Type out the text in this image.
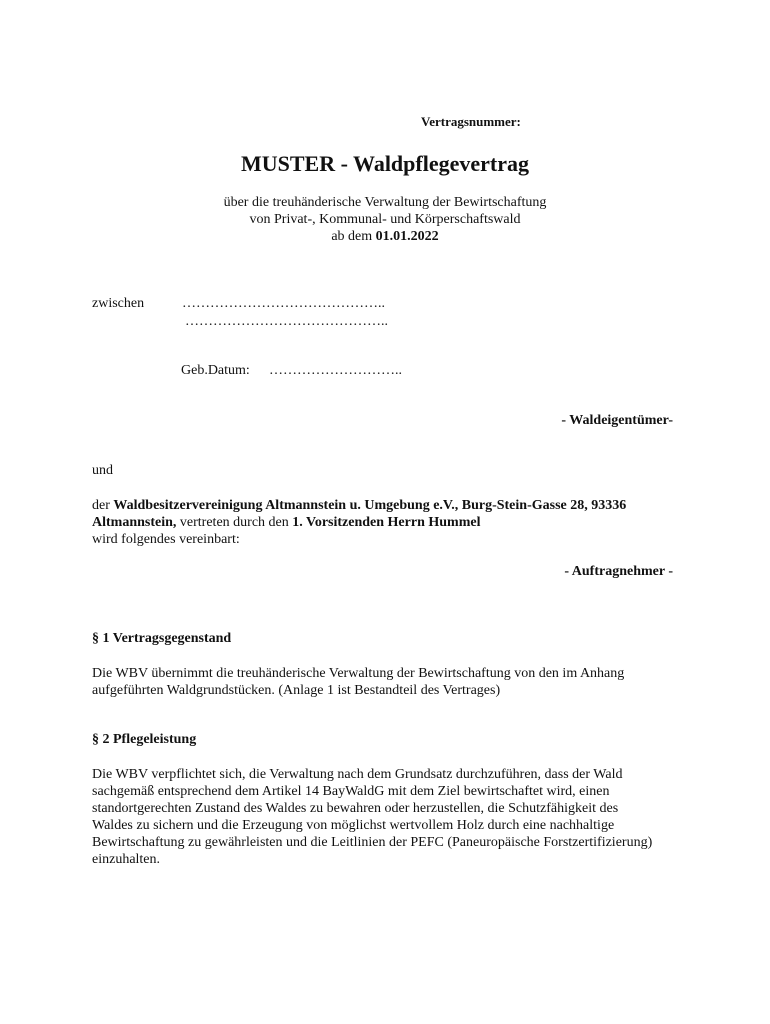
Vertragsnummer:
MUSTER - Waldpflegevertrag
über die treuhänderische Verwaltung der Bewirtschaftung
von Privat-, Kommunal- und Körperschaftswald
ab dem 01.01.2022
zwischen	……………………………………..
……………………………………..
Geb.Datum: ………………………..
- Waldeigentümer-
und
der Waldbesitzervereinigung Altmannstein u. Umgebung e.V., Burg-Stein-Gasse 28, 93336 Altmannstein, vertreten durch den 1. Vorsitzenden Herrn Hummel
wird folgendes vereinbart:
- Auftragnehmer -
§ 1 Vertragsgegenstand
Die WBV übernimmt die treuhänderische Verwaltung der Bewirtschaftung von den im Anhang aufgeführten Waldgrundstücken. (Anlage 1 ist Bestandteil des Vertrages)
§ 2 Pflegeleistung
Die WBV verpflichtet sich, die Verwaltung nach dem Grundsatz durchzuführen, dass der Wald sachgemäß entsprechend dem Artikel 14 BayWaldG mit dem Ziel bewirtschaftet wird, einen standortgerechten Zustand des Waldes zu bewahren oder herzustellen, die Schutzfähigkeit des Waldes zu sichern und die Erzeugung von möglichst wertvollem Holz durch eine nachhaltige Bewirtschaftung zu gewährleisten und die Leitlinien der PEFC (Paneuropäische Forstzertifizierung) einzuhalten.
